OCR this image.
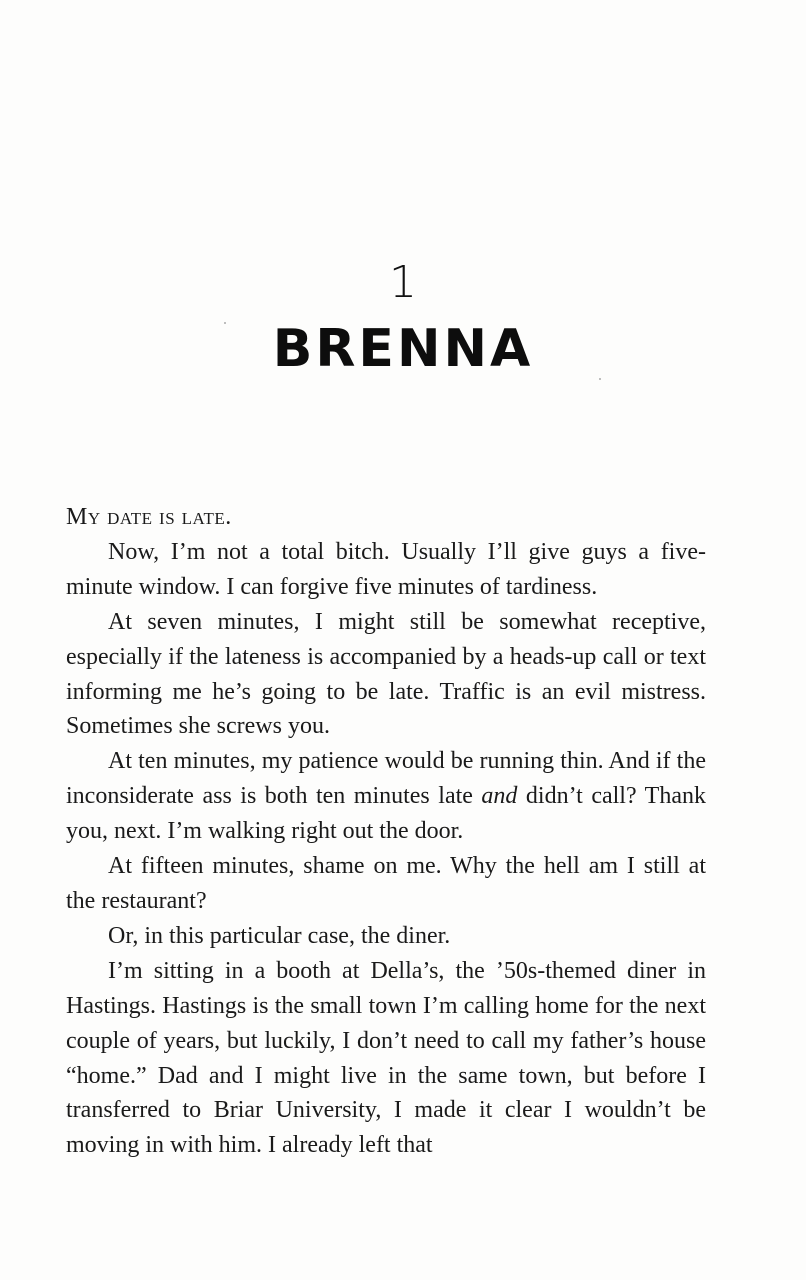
1
BRENNA

My date is late.

Now, I’m not a total bitch. Usually I’ll give guys a five-minute window. I can forgive five minutes of tardiness.

At seven minutes, I might still be somewhat receptive, especially if the lateness is accompanied by a heads-up call or text informing me he’s going to be late. Traffic is an evil mistress. Sometimes she screws you.

At ten minutes, my patience would be running thin. And if the inconsiderate ass is both ten minutes late and didn’t call? Thank you, next. I’m walking right out the door.

At fifteen minutes, shame on me. Why the hell am I still at the restaurant?

Or, in this particular case, the diner.

I’m sitting in a booth at Della’s, the ’50s-themed diner in Hastings. Hastings is the small town I’m calling home for the next couple of years, but luckily, I don’t need to call my father’s house “home.” Dad and I might live in the same town, but before I transferred to Briar University, I made it clear I wouldn’t be moving in with him. I already left that
